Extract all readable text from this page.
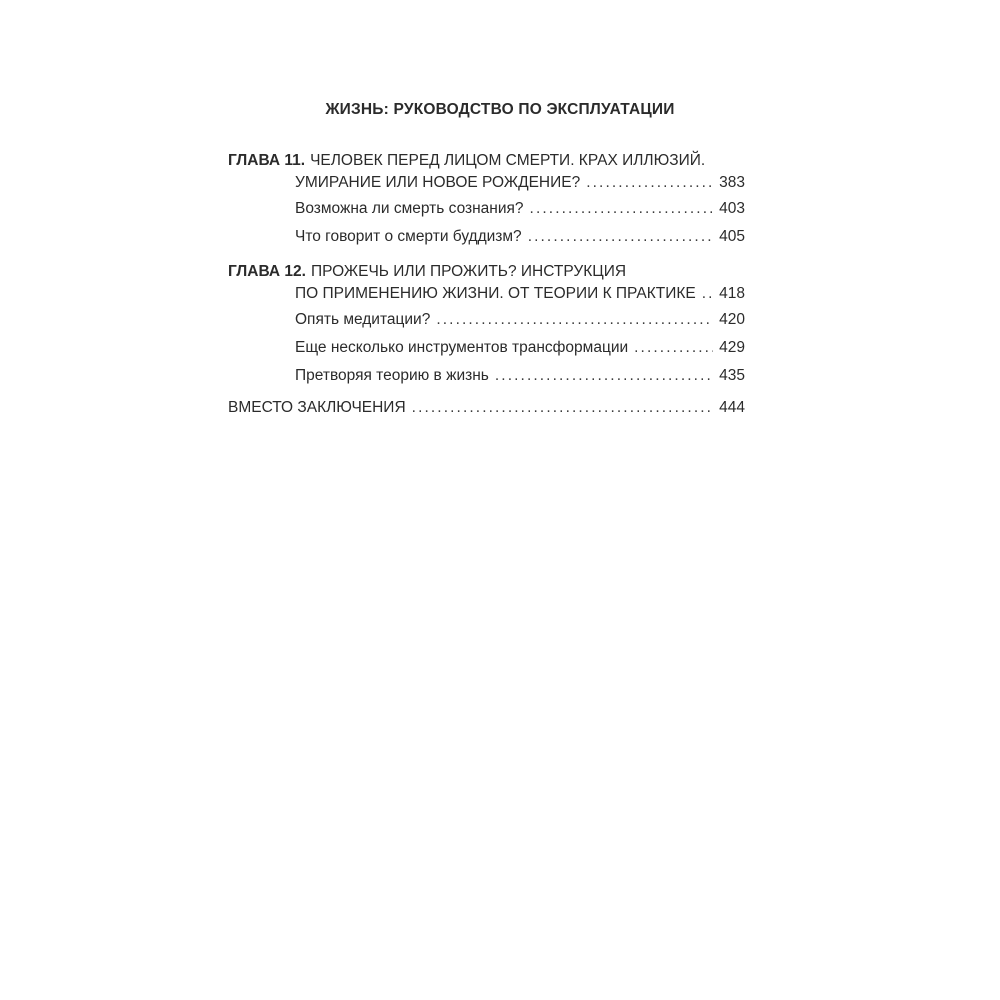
ЖИЗНЬ: РУКОВОДСТВО ПО ЭКСПЛУАТАЦИИ
ГЛАВА 11. ЧЕЛОВЕК ПЕРЕД ЛИЦОМ СМЕРТИ. КРАХ ИЛЛЮЗИЙ.
УМИРАНИЕ ИЛИ НОВОЕ РОЖДЕНИЕ? . . .	383
Возможна ли смерть сознания? . . .	403
Что говорит о смерти буддизм? . . .	405
ГЛАВА 12. ПРОЖЕЧЬ ИЛИ ПРОЖИТЬ? ИНСТРУКЦИЯ
ПО ПРИМЕНЕНИЮ ЖИЗНИ. ОТ ТЕОРИИ К ПРАКТИКЕ . . . 418
Опять медитации? . . .	420
Еще несколько инструментов трансформации . . .	429
Претворяя теорию в жизнь . . .	435
ВМЕСТО ЗАКЛЮЧЕНИЯ . . .	444
